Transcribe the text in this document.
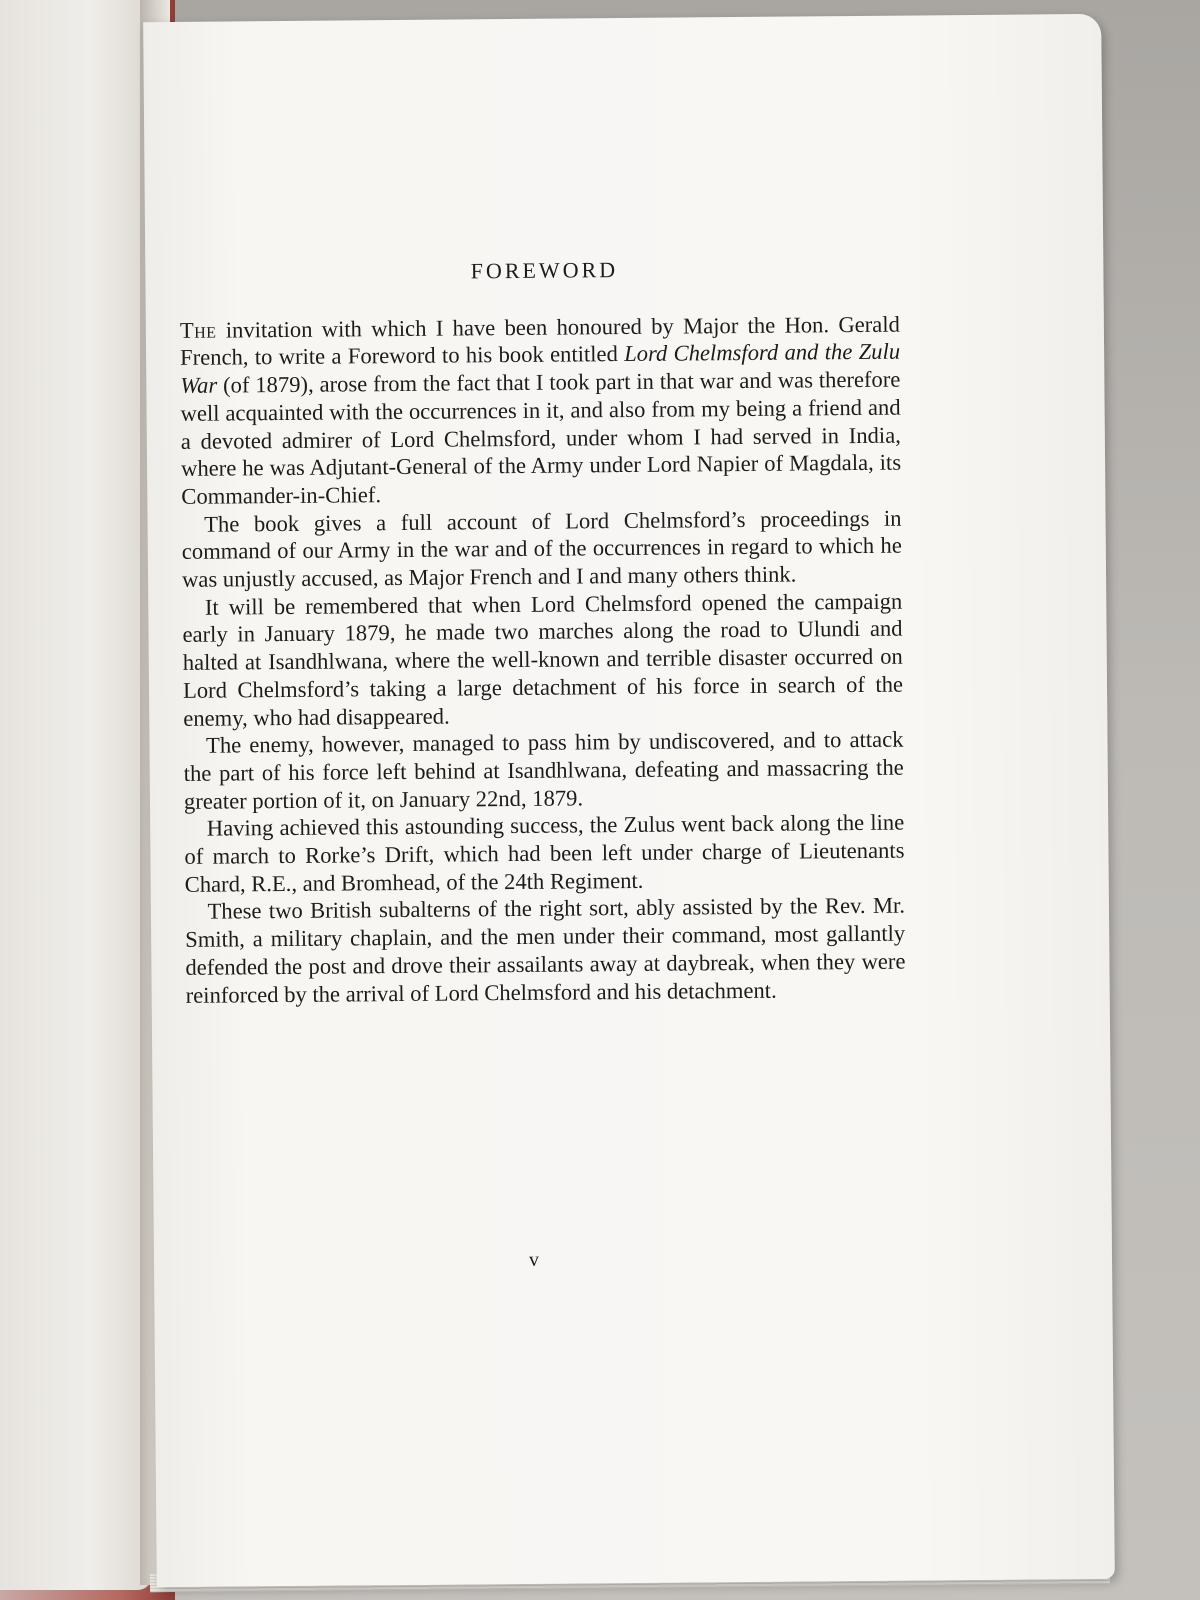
FOREWORD

The invitation with which I have been honoured by Major the Hon. Gerald French, to write a Foreword to his book entitled Lord Chelmsford and the Zulu War (of 1879), arose from the fact that I took part in that war and was therefore well acquainted with the occurrences in it, and also from my being a friend and a devoted admirer of Lord Chelmsford, under whom I had served in India, where he was Adjutant-General of the Army under Lord Napier of Magdala, its Commander-in-Chief.

The book gives a full account of Lord Chelmsford’s proceedings in command of our Army in the war and of the occurrences in regard to which he was unjustly accused, as Major French and I and many others think.

It will be remembered that when Lord Chelmsford opened the campaign early in January 1879, he made two marches along the road to Ulundi and halted at Isandhlwana, where the well-known and terrible disaster occurred on Lord Chelmsford’s taking a large detachment of his force in search of the enemy, who had disappeared.

The enemy, however, managed to pass him by undiscovered, and to attack the part of his force left behind at Isandhlwana, defeating and massacring the greater portion of it, on January 22nd, 1879.

Having achieved this astounding success, the Zulus went back along the line of march to Rorke’s Drift, which had been left under charge of Lieutenants Chard, R.E., and Bromhead, of the 24th Regiment.

These two British subalterns of the right sort, ably assisted by the Rev. Mr. Smith, a military chaplain, and the men under their command, most gallantly defended the post and drove their assailants away at daybreak, when they were reinforced by the arrival of Lord Chelmsford and his detachment.

v
